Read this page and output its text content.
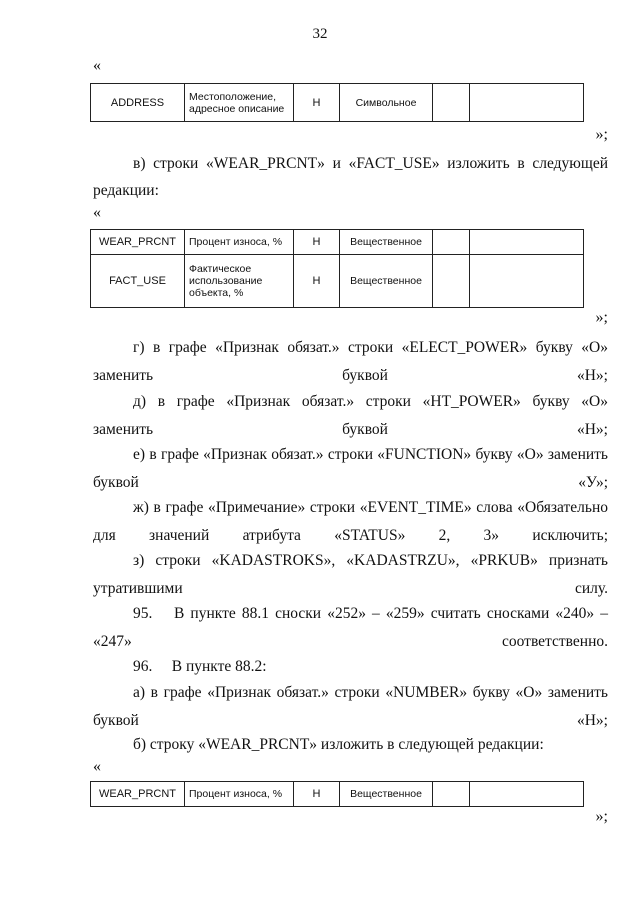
32
«
ADDRESS	Местоположение, адресное описание	Н	Символьное		
»;
в) строки «WEAR_PRCNT» и «FACT_USE» изложить в следующей редакции:
«
WEAR_PRCNT	Процент износа, %	Н	Вещественное		
FACT_USE	Фактическое использование объекта, %	Н	Вещественное		
»;
г) в графе «Признак обязат.» строки «ELECT_POWER» букву «О» заменить буквой «Н»;
д) в графе «Признак обязат.» строки «HT_POWER» букву «О» заменить буквой «Н»;
е) в графе «Признак обязат.» строки «FUNCTION» букву «О» заменить буквой «У»;
ж) в графе «Примечание» строки «EVENT_TIME» слова «Обязательно для значений атрибута «STATUS» 2, 3» исключить;
з) строки «KADASTROKS», «KADASTRZU», «PRKUB» признать утратившими силу.
95.  В пункте 88.1 сноски «252» – «259» считать сносками «240» – «247» соответственно.
96.  В пункте 88.2:
а) в графе «Признак обязат.» строки «NUMBER» букву «О» заменить буквой «Н»;
б) строку «WEAR_PRCNT» изложить в следующей редакции:
«
WEAR_PRCNT	Процент износа, %	Н	Вещественное		
»;
